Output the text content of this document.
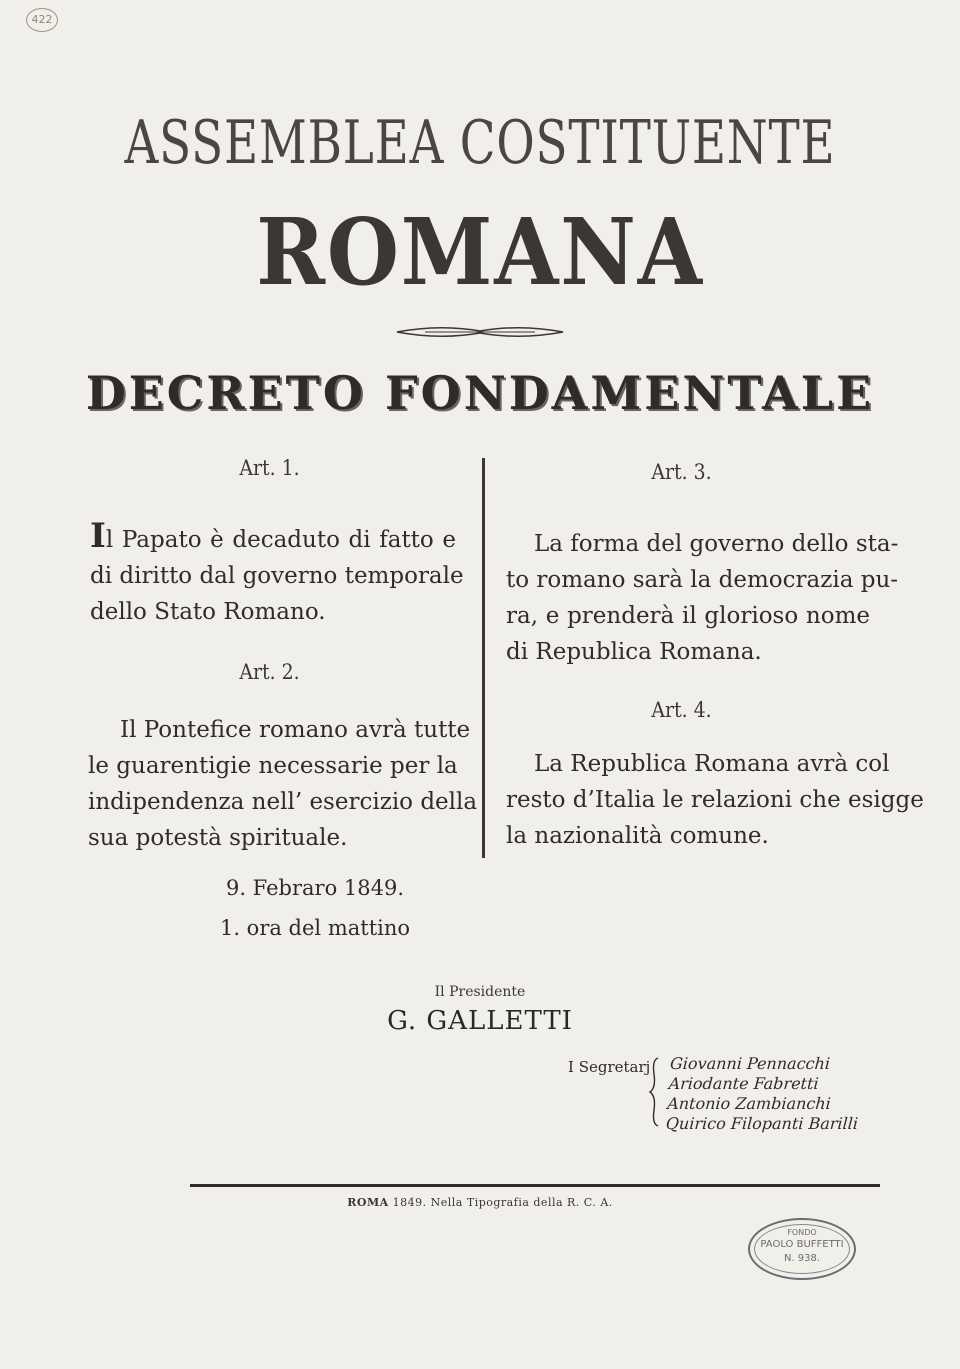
422
ASSEMBLEA COSTITUENTE
ROMANA
DECRETO FONDAMENTALE
Art. 1.
Il Papato è decaduto di fatto e
di diritto dal governo temporale
dello Stato Romano.
Art. 2.
Il Pontefice romano avrà tutte
le guarentigie necessarie per la
indipendenza nell’ esercizio della
sua potestà spirituale.
9. Febraro 1849.
1. ora del mattino
Art. 3.
La forma del governo dello sta-
to romano sarà la democrazia pu-
ra, e prenderà il glorioso nome
di Republica Romana.
Art. 4.
La Republica Romana avrà col
resto d’Italia le relazioni che esigge
la nazionalità comune.
Il Presidente
G. GALLETTI
I Segretarj Giovanni Pennacchi
Ariodante Fabretti
Antonio Zambianchi
Quirico Filopanti Barilli
ROMA 1849. Nella Tipografia della R. C. A.
FONDO
PAOLO BUFFETTI
N. 938.
